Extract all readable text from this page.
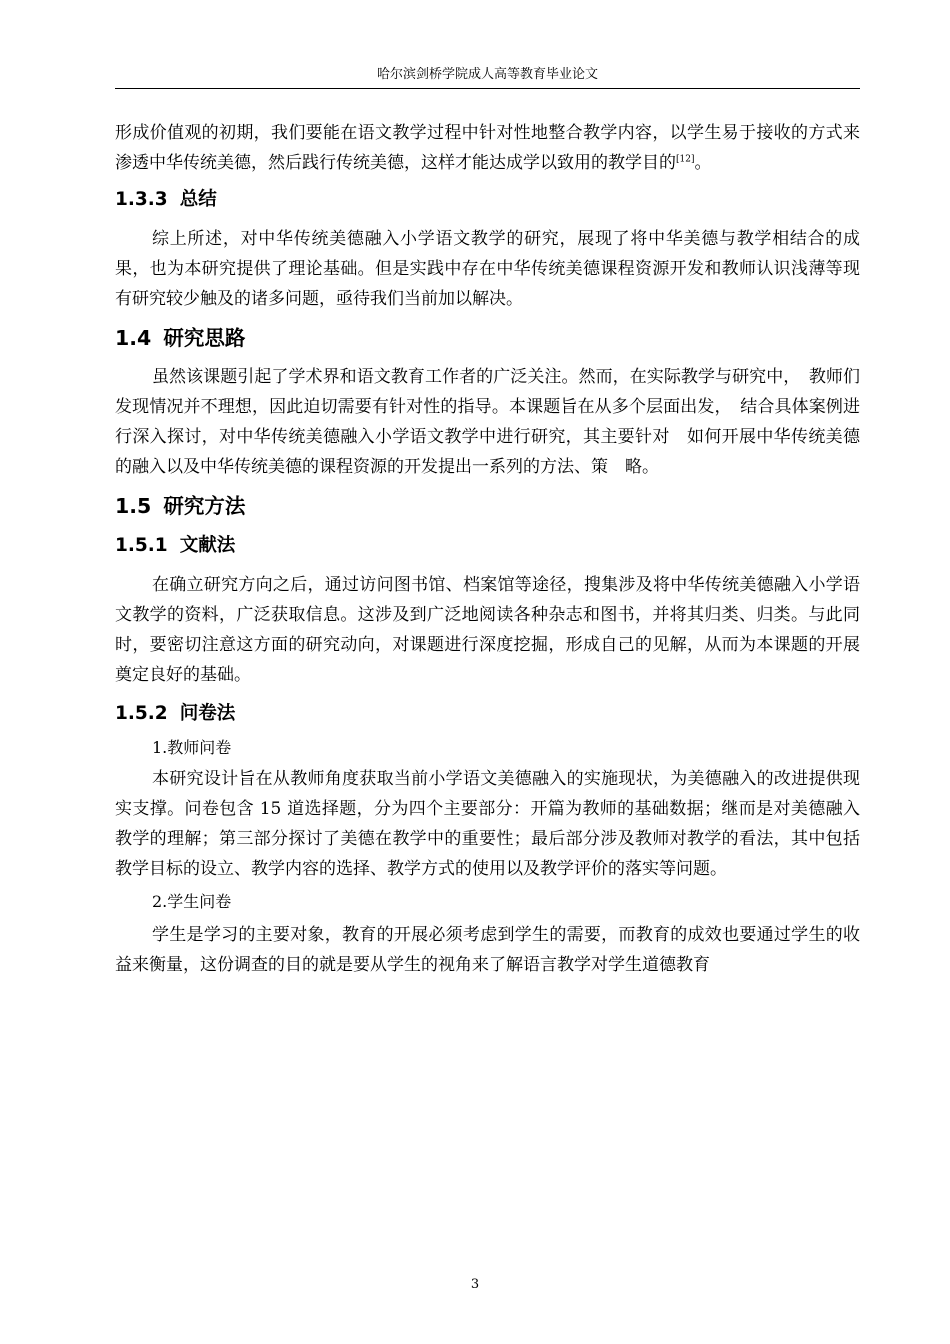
哈尔滨剑桥学院成人高等教育毕业论文

形成价值观的初期，我们要能在语文教学过程中针对性地整合教学内容，以学生易于接收的方式来渗透中华传统美德，然后践行传统美德，这样才能达成学以致用的教学目的[12]。

1.3.3 总结

综上所述，对中华传统美德融入小学语文教学的研究，展现了将中华美德与教学相结合的成果，也为本研究提供了理论基础。但是实践中存在中华传统美德课程资源开发和教师认识浅薄等现有研究较少触及的诸多问题，亟待我们当前加以解决。

1.4 研究思路

虽然该课题引起了学术界和语文教育工作者的广泛关注。然而，在实际教学与研究中，　教师们发现情况并不理想，因此迫切需要有针对性的指导。本课题旨在从多个层面出发，　结合具体案例进行深入探讨，对中华传统美德融入小学语文教学中进行研究，其主要针对　如何开展中华传统美德的融入以及中华传统美德的课程资源的开发提出一系列的方法、策　略。

1.5 研究方法
1.5.1 文献法

在确立研究方向之后，通过访问图书馆、档案馆等途径，搜集涉及将中华传统美德融入小学语文教学的资料，广泛获取信息。这涉及到广泛地阅读各种杂志和图书，并将其归类、归类。与此同时，要密切注意这方面的研究动向，对课题进行深度挖掘，形成自己的见解，从而为本课题的开展奠定良好的基础。

1.5.2 问卷法

1.教师问卷

本研究设计旨在从教师角度获取当前小学语文美德融入的实施现状，为美德融入的改进提供现实支撑。问卷包含 15 道选择题，分为四个主要部分：开篇为教师的基础数据；继而是对美德融入教学的理解；第三部分探讨了美德在教学中的重要性；最后部分涉及教师对教学的看法，其中包括教学目标的设立、教学内容的选择、教学方式的使用以及教学评价的落实等问题。

2.学生问卷

学生是学习的主要对象，教育的开展必须考虑到学生的需要，而教育的成效也要通过学生的收益来衡量，这份调查的目的就是要从学生的视角来了解语言教学对学生道德教育

3
